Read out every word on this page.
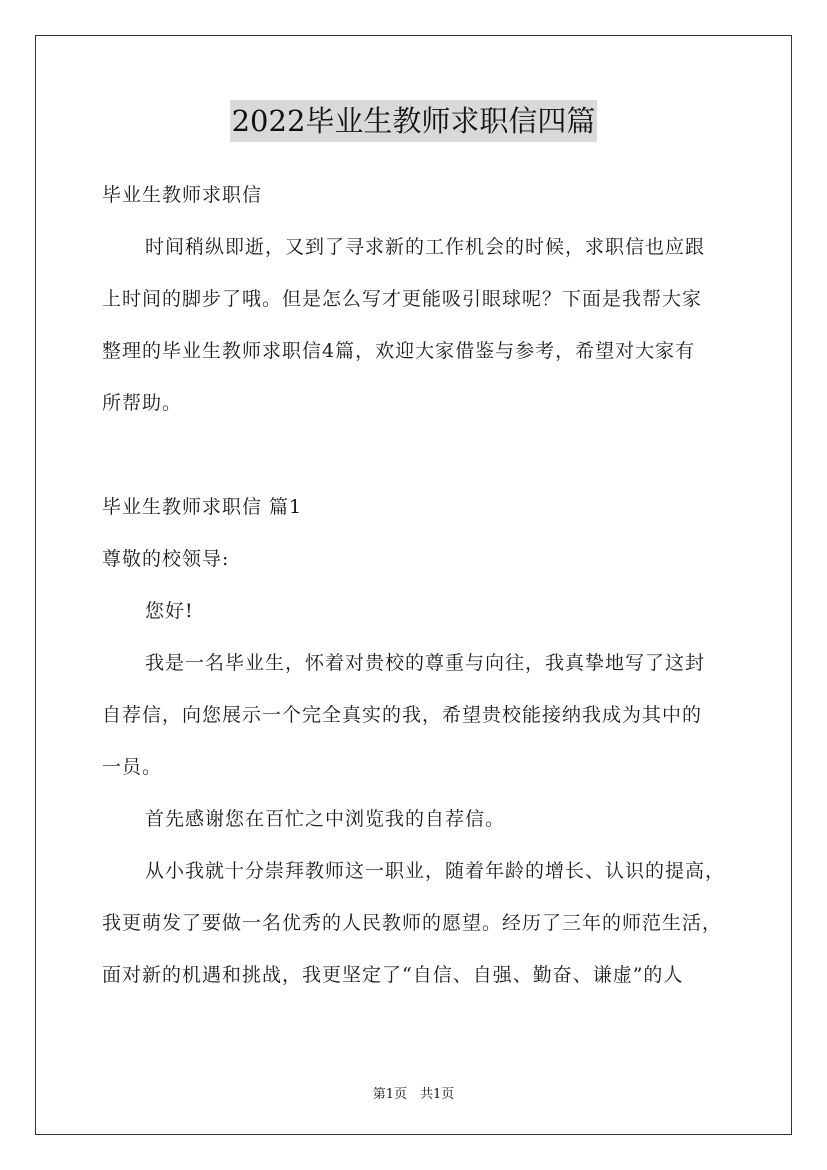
2022毕业生教师求职信四篇
毕业生教师求职信
时间稍纵即逝，又到了寻求新的工作机会的时候，求职信也应跟
上时间的脚步了哦。但是怎么写才更能吸引眼球呢？下面是我帮大家
整理的毕业生教师求职信4篇，欢迎大家借鉴与参考，希望对大家有
所帮助。
毕业生教师求职信 篇1
尊敬的校领导:
您好!
我是一名毕业生，怀着对贵校的尊重与向往，我真挚地写了这封
自荐信，向您展示一个完全真实的我，希望贵校能接纳我成为其中的
一员。
首先感谢您在百忙之中浏览我的自荐信。
从小我就十分崇拜教师这一职业，随着年龄的增长、认识的提高，
我更萌发了要做一名优秀的人民教师的愿望。经历了三年的师范生活，
面对新的机遇和挑战，我更坚定了“自信、自强、勤奋、谦虚”的人
第1页　共1页
